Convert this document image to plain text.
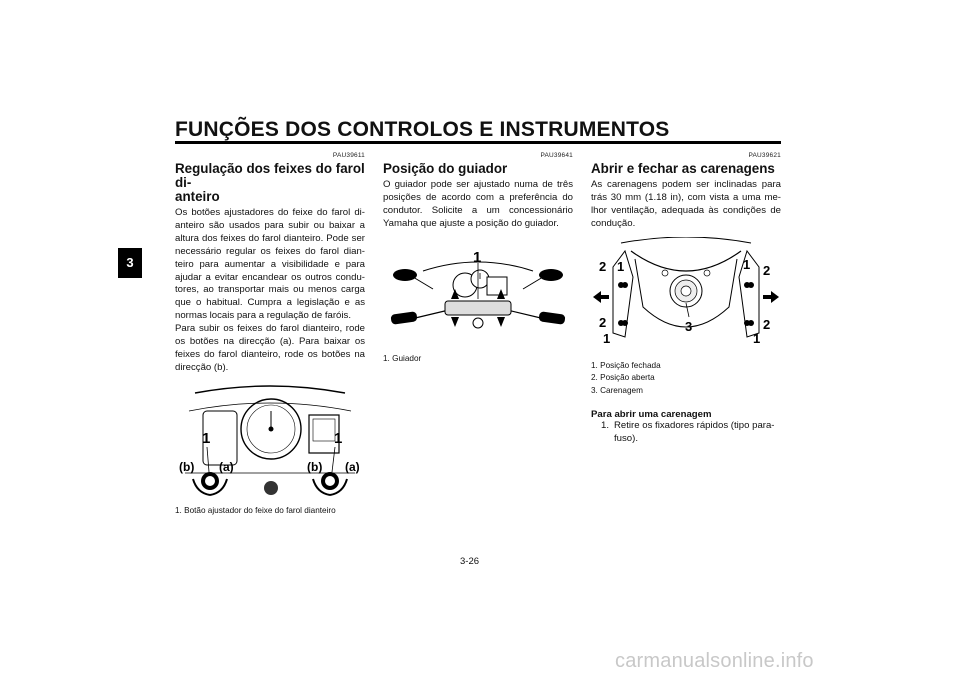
FUNÇÕES DOS CONTROLOS E INSTRUMENTOS
3
PAU39611
Regulação dos feixes do farol di-
anteiro
Os botões ajustadores do feixe do farol di-anteiro são usados para subir ou baixar a altura dos feixes do farol dianteiro. Pode ser necessário regular os feixes do farol dian-teiro para aumentar a visibilidade e para ajudar a evitar encandear os outros condu-tores, ao transportar mais ou menos carga que o habitual. Cumpra a legislação e as normas locais para a regulação de faróis.
Para subir os feixes do farol dianteiro, rode os botões na direcção (a). Para baixar os feixes do farol dianteiro, rode os botões na direcção (b).
1	1
(b) (a)	(b) (a)
1. Botão ajustador do feixe do farol dianteiro
PAU39641
Posição do guiador
O guiador pode ser ajustado numa de três posições de acordo com a preferência do condutor. Solicite a um concessionário Yamaha que ajuste a posição do guiador.
1
1. Guiador
PAU39621
Abrir e fechar as carenagens
As carenagens podem ser inclinadas para trás 30 mm (1.18 in), com vista a uma me-lhor ventilação, adequada às condições de condução.
2 1	1 2
2
1
3	2
1
1. Posição fechada
2. Posição aberta
3. Carenagem
Para abrir uma carenagem
1. Retire os fixadores rápidos (tipo para-fuso).
3-26
carmanualsonline.info
